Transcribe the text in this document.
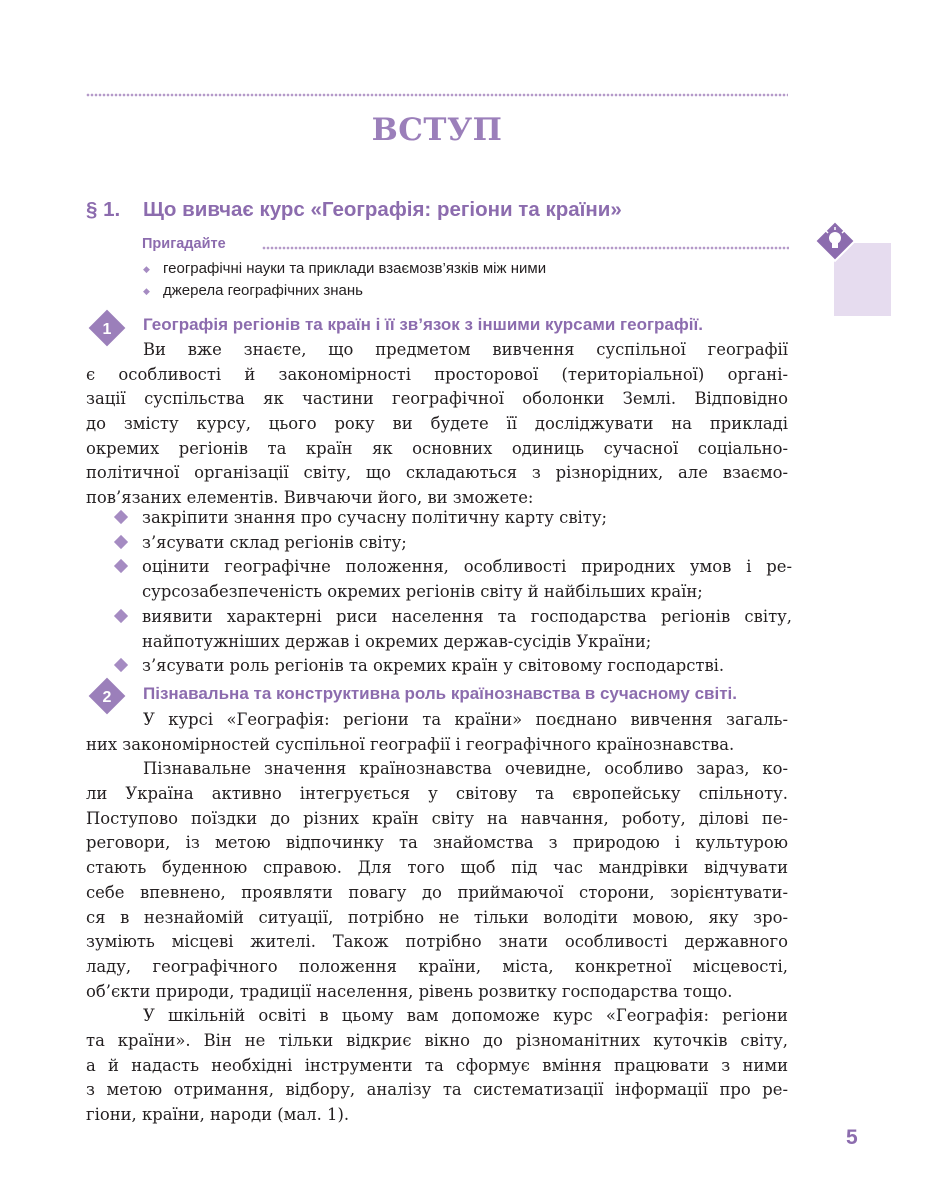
ВСТУП
§ 1. Що вивчає курс «Географія: регіони та країни»
Пригадайте
◆ географічні науки та приклади взаємозв’язків між ними
◆ джерела географічних знань
1 Географія регіонів та країн і її зв’язок з іншими курсами географії.
Ви вже знаєте, що предметом вивчення суспільної географії
є особливості й закономірності просторової (територіальної) органі-
зації суспільства як частини географічної оболонки Землі. Відповідно
до змісту курсу, цього року ви будете її досліджувати на прикладі
окремих регіонів та країн як основних одиниць сучасної соціально-
політичної організації світу, що складаються з різнорідних, але взаємо-
пов’язаних елементів. Вивчаючи його, ви зможете:
закріпити знання про сучасну політичну карту світу;
з’ясувати склад регіонів світу;
оцінити географічне положення, особливості природних умов і ре-
сурсозабезпеченість окремих регіонів світу й найбільших країн;
виявити характерні риси населення та господарства регіонів світу,
найпотужніших держав і окремих держав-сусідів України;
з’ясувати роль регіонів та окремих країн у світовому господарстві.
2 Пізнавальна та конструктивна роль країнознавства в сучасному світі.
У курсі «Географія: регіони та країни» поєднано вивчення загаль-
них закономірностей суспільної географії і географічного країнознавства.
Пізнавальне значення країнознавства очевидне, особливо зараз, ко-
ли Україна активно інтегрується у світову та європейську спільноту.
Поступово поїздки до різних країн світу на навчання, роботу, ділові пе-
реговори, із метою відпочинку та знайомства з природою і культурою
стають буденною справою. Для того щоб під час мандрівки відчувати
себе впевнено, проявляти повагу до приймаючої сторони, зорієнтувати-
ся в незнайомій ситуації, потрібно не тільки володіти мовою, яку зро-
зуміють місцеві жителі. Також потрібно знати особливості державного
ладу, географічного положення країни, міста, конкретної місцевості,
об’єкти природи, традиції населення, рівень розвитку господарства тощо.
У шкільній освіті в цьому вам допоможе курс «Географія: регіони
та країни». Він не тільки відкриє вікно до різноманітних куточків світу,
а й надасть необхідні інструменти та сформує вміння працювати з ними
з метою отримання, відбору, аналізу та систематизації інформації про ре-
гіони, країни, народи (мал. 1).
5
